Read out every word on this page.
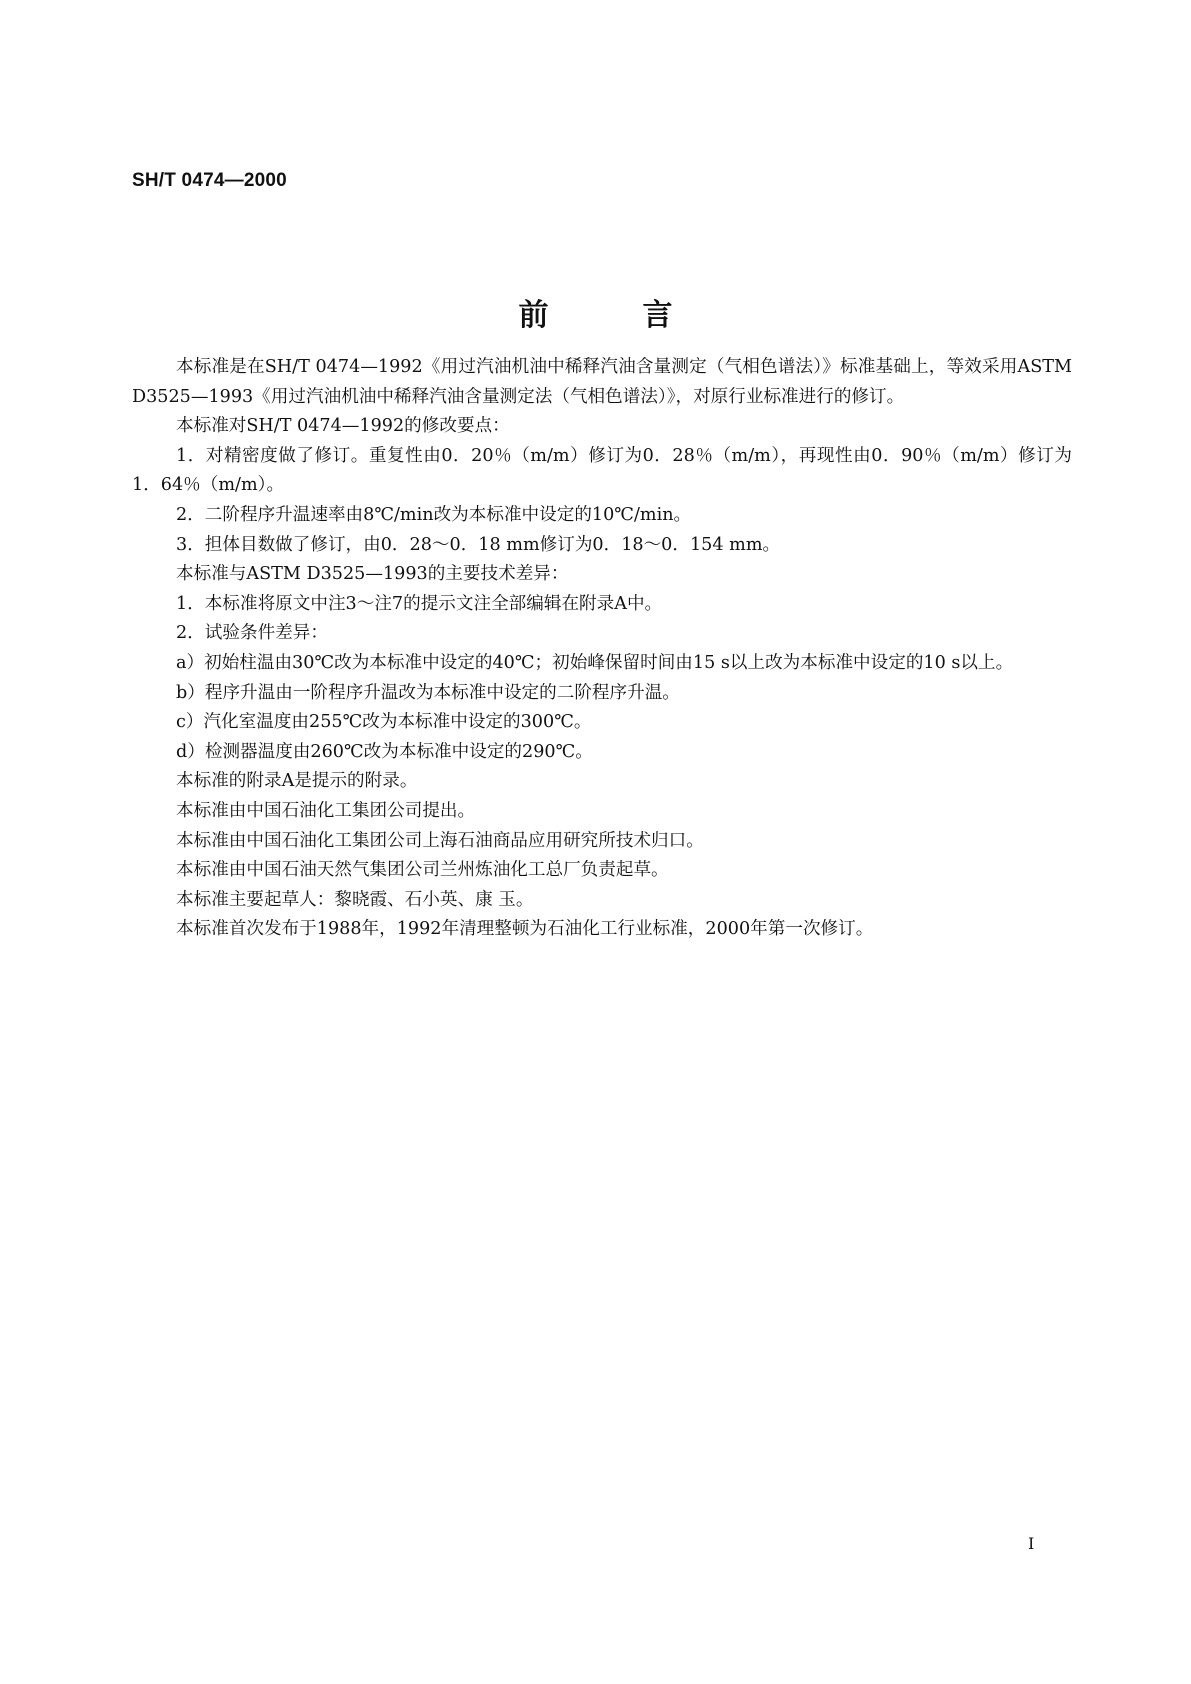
SH/T 0474—2000
前言

本标准是在SH/T 0474—1992《用过汽油机油中稀释汽油含量测定（气相色谱法）》标准基础上，等效采用ASTM D3525—1993《用过汽油机油中稀释汽油含量测定法（气相色谱法）》，对原行业标准进行的修订。

本标准对SH/T 0474—1992的修改要点：

1．对精密度做了修订。重复性由0．20％（m/m）修订为0．28％（m/m），再现性由0．90％（m/m）修订为1．64％（m/m）。

2．二阶程序升温速率由8℃/min改为本标准中设定的10℃/min。

3．担体目数做了修订，由0．28～0．18 mm修订为0．18～0．154 mm。

本标准与ASTM D3525—1993的主要技术差异：

1．本标准将原文中注3～注7的提示文注全部编辑在附录A中。

2．试验条件差异：

a）初始柱温由30℃改为本标准中设定的40℃；初始峰保留时间由15 s以上改为本标准中设定的10 s以上。

b）程序升温由一阶程序升温改为本标准中设定的二阶程序升温。

c）汽化室温度由255℃改为本标准中设定的300℃。

d）检测器温度由260℃改为本标准中设定的290℃。

本标准的附录A是提示的附录。

本标准由中国石油化工集团公司提出。

本标准由中国石油化工集团公司上海石油商品应用研究所技术归口。

本标准由中国石油天然气集团公司兰州炼油化工总厂负责起草。

本标准主要起草人：黎晓霞、石小英、康 玉。

本标准首次发布于1988年，1992年清理整顿为石油化工行业标准，2000年第一次修订。

I
